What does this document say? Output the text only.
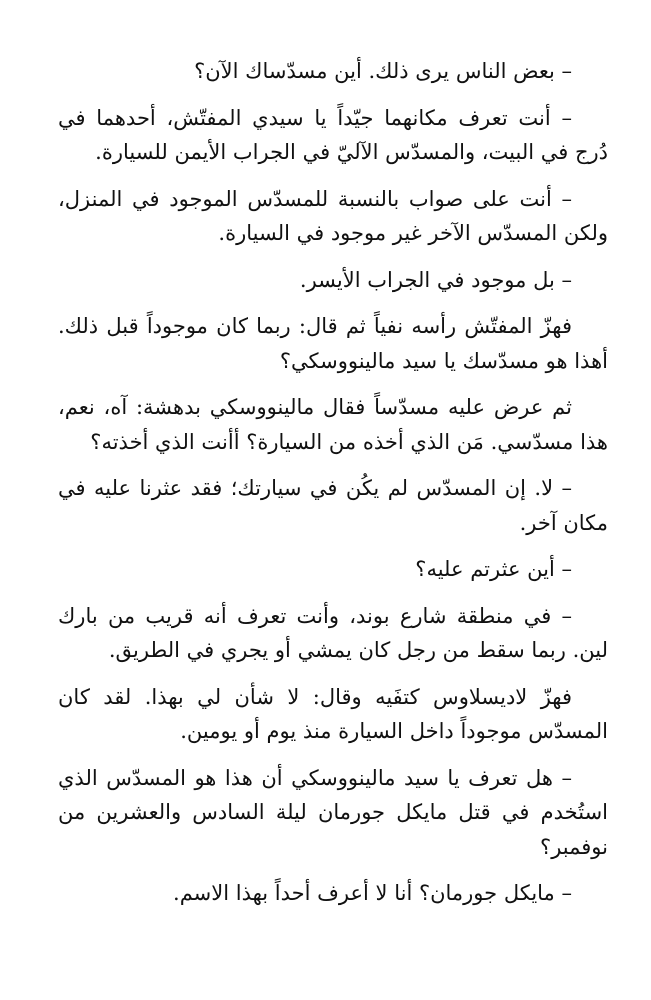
– بعض الناس يرى ذلك. أين مسدّساك الآن؟

– أنت تعرف مكانهما جيّداً يا سيدي المفتّش، أحدهما في دُرج في البيت، والمسدّس الآليّ في الجراب الأيمن للسيارة.

– أنت على صواب بالنسبة للمسدّس الموجود في المنزل، ولكن المسدّس الآخر غير موجود في السيارة.

– بل موجود في الجراب الأيسر.

فهزّ المفتّش رأسه نفياً ثم قال: ربما كان موجوداً قبل ذلك. أهذا هو مسدّسك يا سيد مالينووسكي؟

ثم عرض عليه مسدّساً فقال مالينووسكي بدهشة: آه، نعم، هذا مسدّسي. مَن الذي أخذه من السيارة؟ أأنت الذي أخذته؟

– لا. إن المسدّس لم يكُن في سيارتك؛ فقد عثرنا عليه في مكان آخر.

– أين عثرتم عليه؟

– في منطقة شارع بوند، وأنت تعرف أنه قريب من بارك لين. ربما سقط من رجل كان يمشي أو يجري في الطريق.

فهزّ لاديسلاوس كتفَيه وقال: لا شأن لي بهذا. لقد كان المسدّس موجوداً داخل السيارة منذ يوم أو يومين.

– هل تعرف يا سيد مالينووسكي أن هذا هو المسدّس الذي استُخدم في قتل مايكل جورمان ليلة السادس والعشرين من نوفمبر؟

– مايكل جورمان؟ أنا لا أعرف أحداً بهذا الاسم.
